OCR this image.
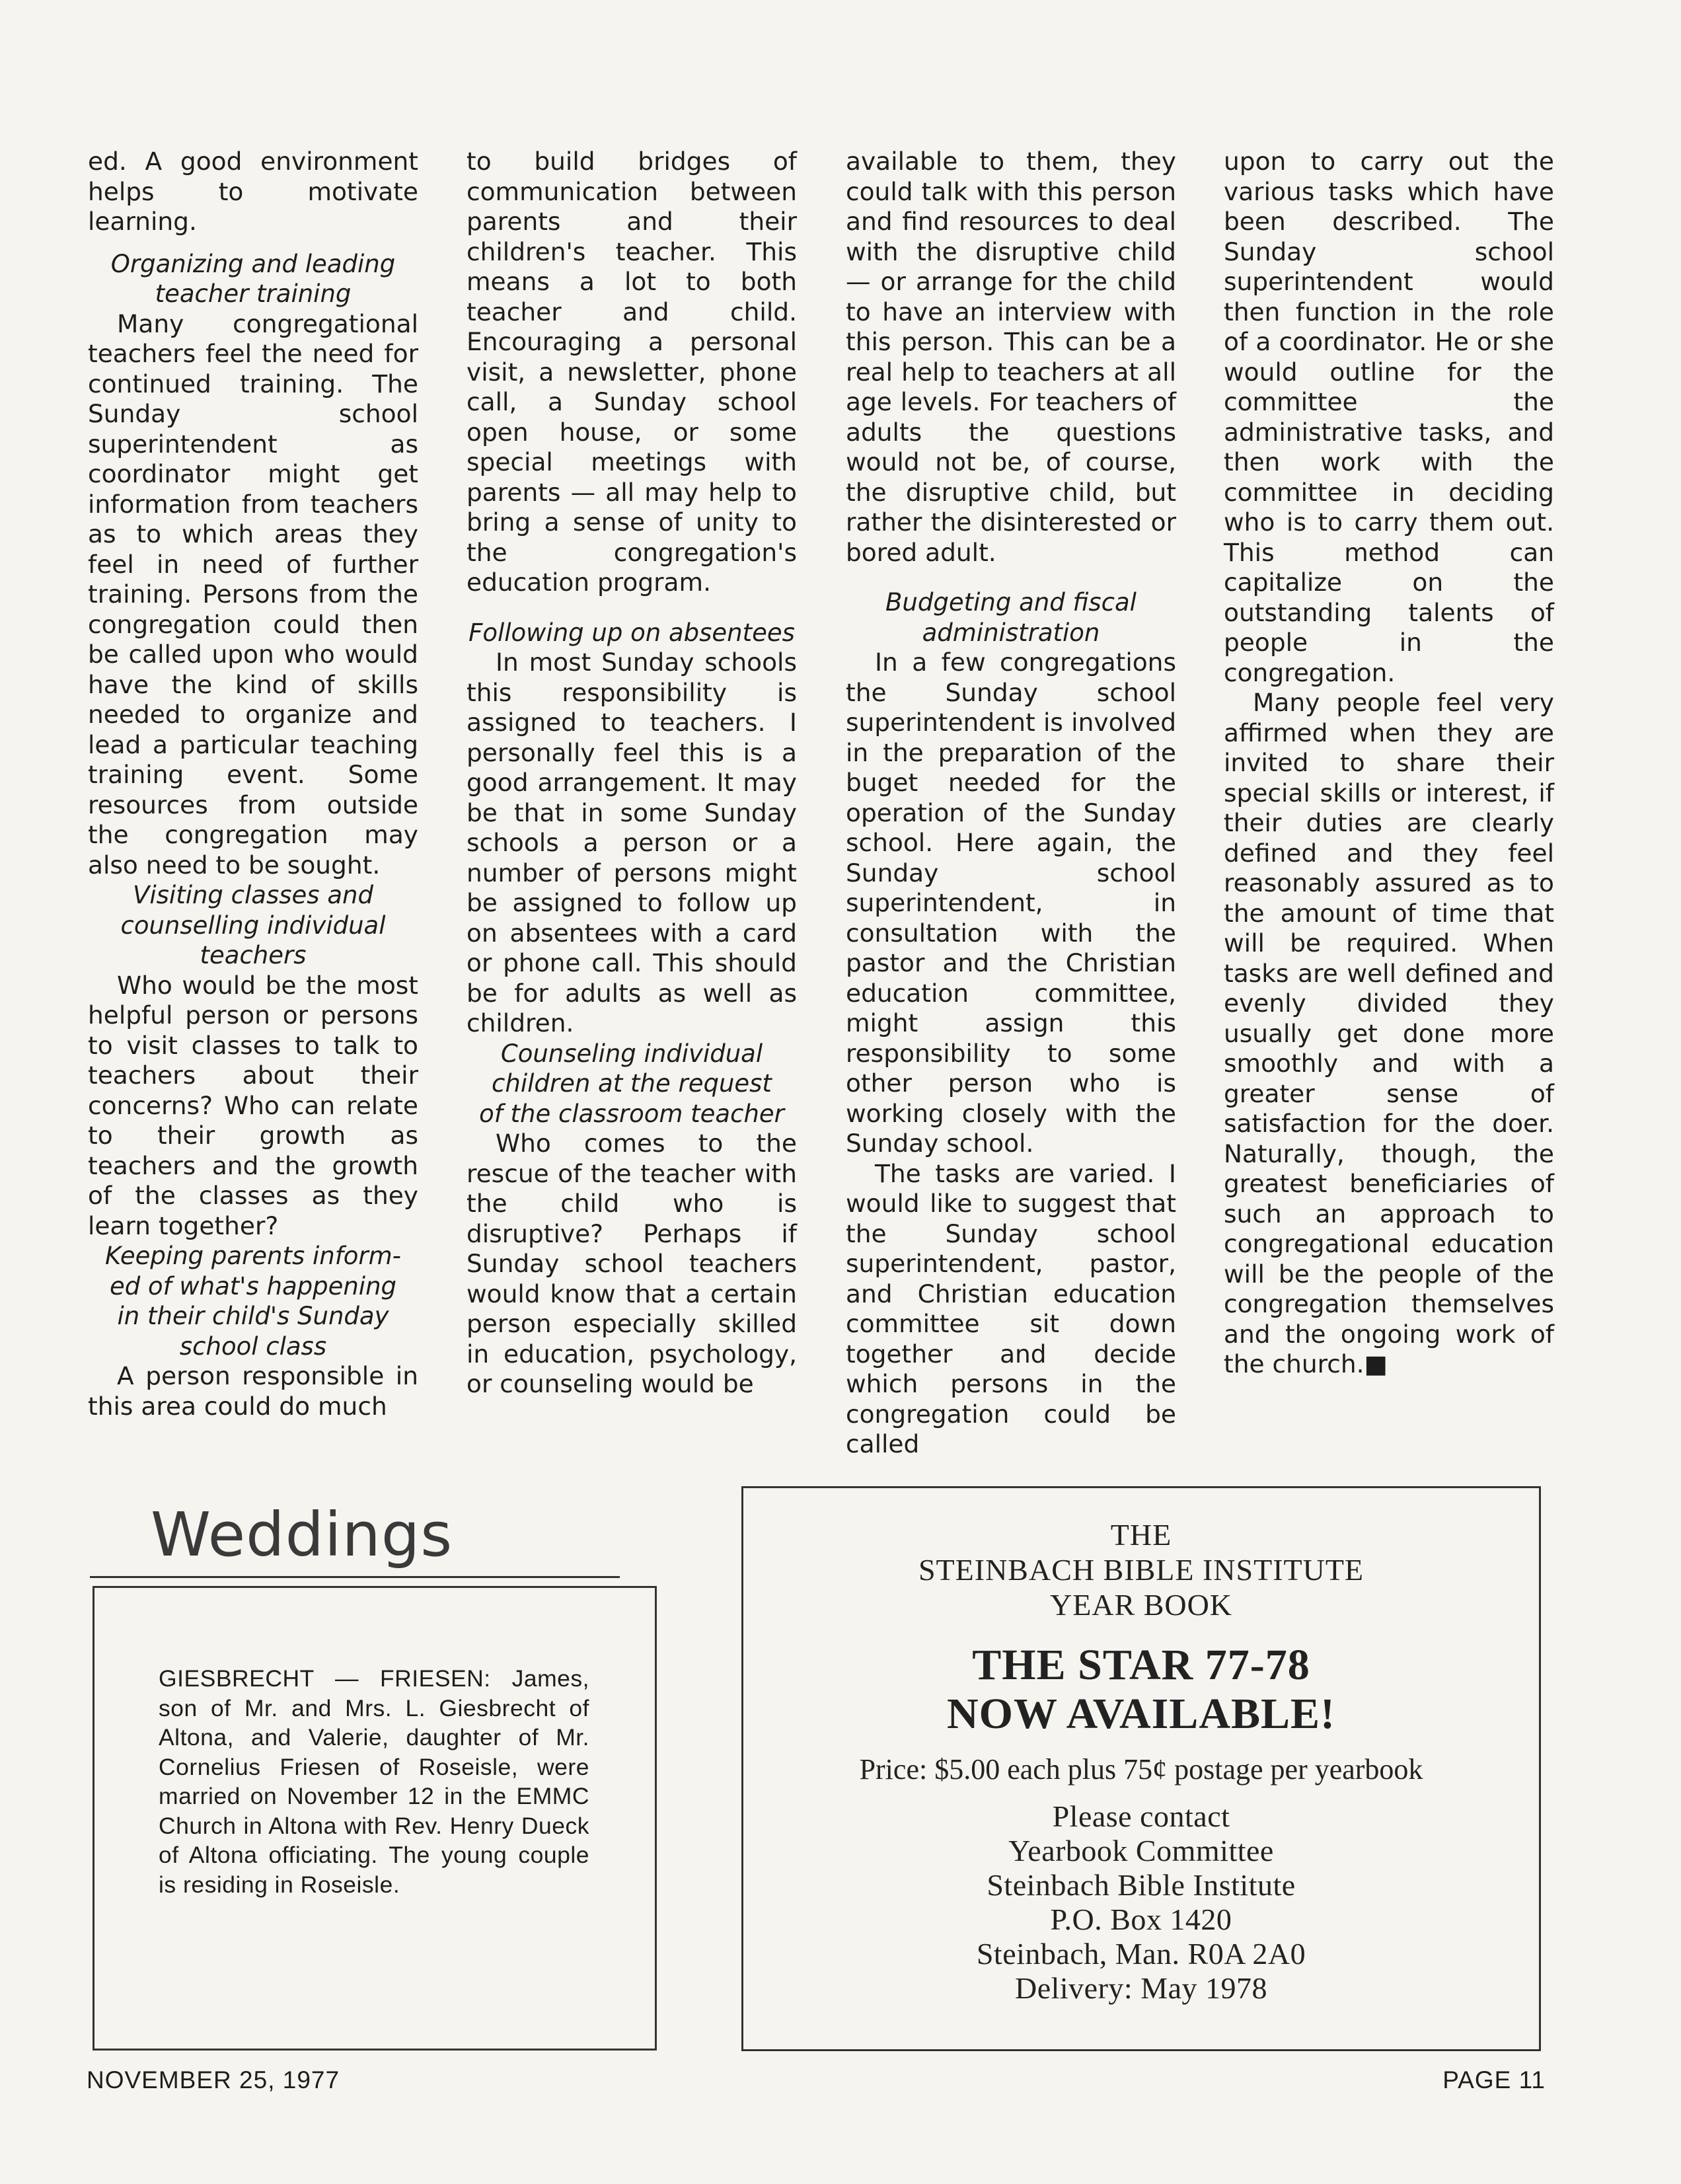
ed. A good environment helps to motivate learning.

Organizing and leading
teacher training

Many congregational teachers feel the need for continued training. The Sunday school superintendent as coordinator might get information from teachers as to which areas they feel in need of further training. Persons from the congregation could then be called upon who would have the kind of skills needed to organize and lead a particular teaching training event. Some resources from outside the congregation may also need to be sought.

Visiting classes and
counselling individual
teachers

Who would be the most helpful person or persons to visit classes to talk to teachers about their concerns? Who can relate to their growth as teachers and the growth of the classes as they learn together?

Keeping parents inform-
ed of what's happening
in their child's Sunday
school class

A person responsible in this area could do much

to build bridges of communication between parents and their children's teacher. This means a lot to both teacher and child. Encouraging a personal visit, a newsletter, phone call, a Sunday school open house, or some special meetings with parents — all may help to bring a sense of unity to the congregation's education program.

Following up on absentees

In most Sunday schools this responsibility is assigned to teachers. I personally feel this is a good arrangement. It may be that in some Sunday schools a person or a number of persons might be assigned to follow up on absentees with a card or phone call. This should be for adults as well as children.

Counseling individual
children at the request
of the classroom teacher

Who comes to the rescue of the teacher with the child who is disruptive? Perhaps if Sunday school teachers would know that a certain person especially skilled in education, psychology, or counseling would be

available to them, they could talk with this person and find resources to deal with the disruptive child — or arrange for the child to have an interview with this person. This can be a real help to teachers at all age levels. For teachers of adults the questions would not be, of course, the disruptive child, but rather the disinterested or bored adult.

Budgeting and fiscal
administration

In a few congregations the Sunday school superintendent is involved in the preparation of the buget needed for the operation of the Sunday school. Here again, the Sunday school superintendent, in consultation with the pastor and the Christian education committee, might assign this responsibility to some other person who is working closely with the Sunday school.

The tasks are varied. I would like to suggest that the Sunday school superintendent, pastor, and Christian education committee sit down together and decide which persons in the congregation could be called

upon to carry out the various tasks which have been described. The Sunday school superintendent would then function in the role of a coordinator. He or she would outline for the committee the administrative tasks, and then work with the committee in deciding who is to carry them out. This method can capitalize on the outstanding talents of people in the congregation.

Many people feel very affirmed when they are invited to share their special skills or interest, if their duties are clearly defined and they feel reasonably assured as to the amount of time that will be required. When tasks are well defined and evenly divided they usually get done more smoothly and with a greater sense of satisfaction for the doer. Naturally, though, the greatest beneficiaries of such an approach to congregational education will be the people of the congregation themselves and the ongoing work of the church.■

Weddings
GIESBRECHT — FRIESEN: James, son of Mr. and Mrs. L. Giesbrecht of Altona, and Valerie, daughter of Mr. Cornelius Friesen of Roseisle, were married on November 12 in the EMMC Church in Altona with Rev. Henry Dueck of Altona officiating. The young couple is residing in Roseisle.
THE
STEINBACH BIBLE INSTITUTE
YEAR BOOK
THE STAR 77-78
NOW AVAILABLE!
Price: $5.00 each plus 75¢ postage per yearbook
Please contact
Yearbook Committee
Steinbach Bible Institute
P.O. Box 1420
Steinbach, Man. R0A 2A0
Delivery: May 1978
NOVEMBER 25, 1977	PAGE 11
